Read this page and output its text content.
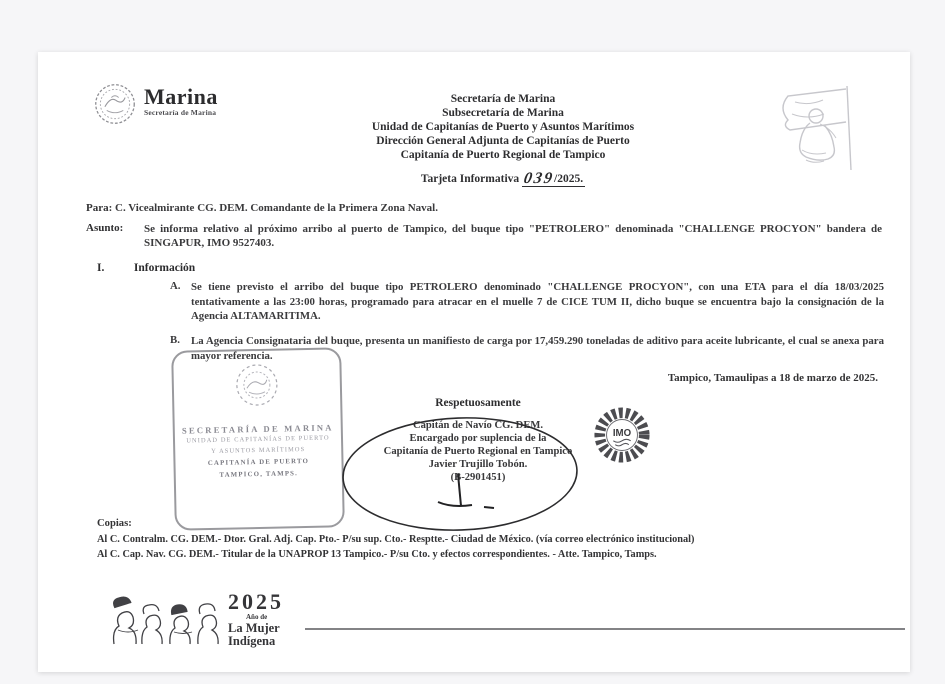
Marina
Secretaría de Marina
Secretaría de Marina
Subsecretaría de Marina
Unidad de Capitanías de Puerto y Asuntos Marítimos
Dirección General Adjunta de Capitanías de Puerto
Capitanía de Puerto Regional de Tampico
Tarjeta Informativa 039/2025.
Para: C. Vicealmirante CG. DEM. Comandante de la Primera Zona Naval.
Asunto:	Se informa relativo al próximo arribo al puerto de Tampico, del buque tipo "PETROLERO" denominada "CHALLENGE PROCYON" bandera de SINGAPUR, IMO 9527403.
I.	Información
A. Se tiene previsto el arribo del buque tipo PETROLERO denominado "CHALLENGE PROCYON", con una ETA para el día 18/03/2025 tentativamente a las 23:00 horas, programado para atracar en el muelle 7 de CICE TUM II, dicho buque se encuentra bajo la consignación de la Agencia ALTAMARITIMA.
B.	La Agencia Consignataria del buque, presenta un manifiesto de carga por 17,459.290 toneladas de aditivo para aceite lubricante, el cual se anexa para mayor referencia.
Tampico, Tamaulipas a 18 de marzo de 2025.
SECRETARÍA DE MARINA
UNIDAD DE CAPITANÍAS DE PUERTO
Y ASUNTOS MARÍTIMOS
CAPITANÍA DE PUERTO
TAMPICO, TAMPS.
Respetuosamente
Capitán de Navío CG. DEM.
Encargado por suplencia de la
Capitanía de Puerto Regional en Tampico
Javier Trujillo Tobón.
(B-2901451)
IMO
Copias:
Al C. Contralm. CG. DEM.- Dtor. Gral. Adj. Cap. Pto.- P/su sup. Cto.- Resptte.- Ciudad de México. (vía correo electrónico institucional)
Al C. Cap. Nav. CG. DEM.- Titular de la UNAPROP 13 Tampico.- P/su Cto. y efectos correspondientes. - Atte. Tampico, Tamps.
2025
Año de
La Mujer
Indígena
